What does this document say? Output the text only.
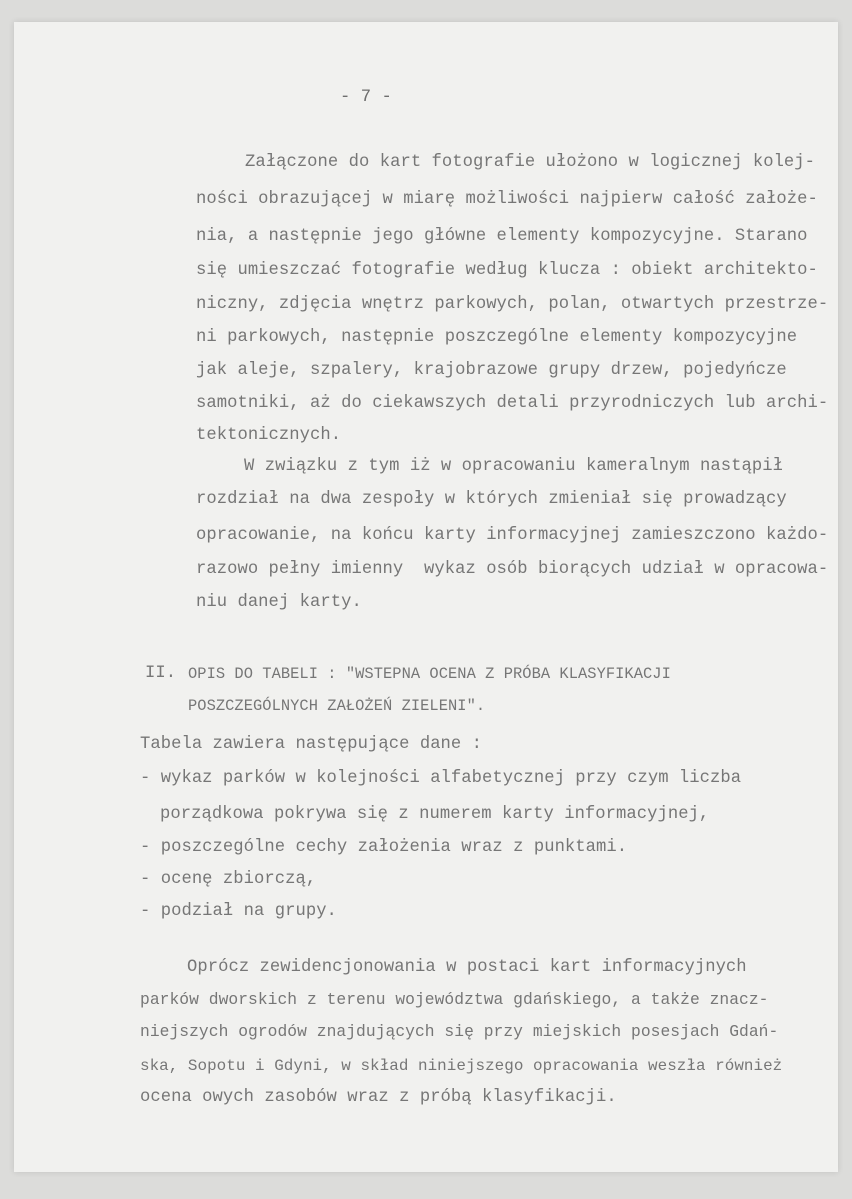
- 7 -
Załączone do kart fotografie ułożono w logicznej kolej-
ności obrazującej w miarę możliwości najpierw całość założe-
nia, a następnie jego główne elementy kompozycyjne. Starano
się umieszczać fotografie według klucza : obiekt architekto-
niczny, zdjęcia wnętrz parkowych, polan, otwartych przestrze-
ni parkowych, następnie poszczególne elementy kompozycyjne
jak aleje, szpalery, krajobrazowe grupy drzew, pojedyńcze
samotniki, aż do ciekawszych detali przyrodniczych lub archi-
tektonicznych.
W związku z tym iż w opracowaniu kameralnym nastąpił
rozdział na dwa zespoły w których zmieniał się prowadzący
opracowanie, na końcu karty informacyjnej zamieszczono każdo-
razowo pełny imienny  wykaz osób biorących udział w opracowa-
niu danej karty.
II. OPIS DO TABELI : "WSTEPNA OCENA Z PRÓBA KLASYFIKACJI
POSZCZEGÓLNYCH ZAŁOŻEŃ ZIELENI".
Tabela zawiera następujące dane :
- wykaz parków w kolejności alfabetycznej przy czym liczba
porządkowa pokrywa się z numerem karty informacyjnej,
- poszczególne cechy założenia wraz z punktami.
- ocenę zbiorczą,
- podział na grupy.
Oprócz zewidencjonowania w postaci kart informacyjnych
parków dworskich z terenu województwa gdańskiego, a także znacz-
niejszych ogrodów znajdujących się przy miejskich posesjach Gdań-
ska, Sopotu i Gdyni, w skład niniejszego opracowania weszła również
ocena owych zasobów wraz z próbą klasyfikacji.
